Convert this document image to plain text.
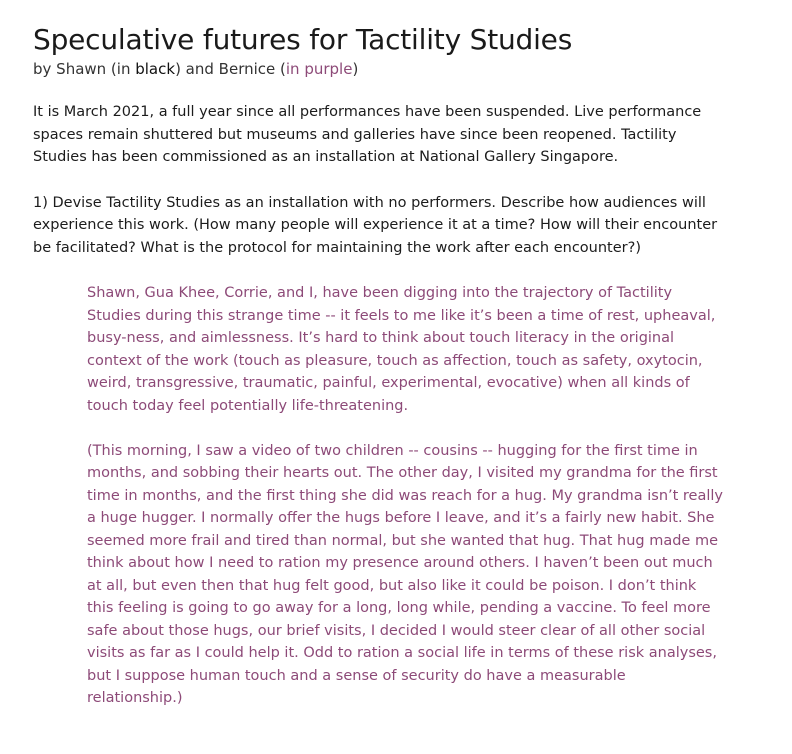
Speculative futures for Tactility Studies

by Shawn (in black) and Bernice (in purple)

It is March 2021, a full year since all performances have been suspended. Live performance spaces remain shuttered but museums and galleries have since been reopened. Tactility Studies has been commissioned as an installation at National Gallery Singapore.

1) Devise Tactility Studies as an installation with no performers. Describe how audiences will experience this work. (How many people will experience it at a time? How will their encounter be facilitated? What is the protocol for maintaining the work after each encounter?)

Shawn, Gua Khee, Corrie, and I, have been digging into the trajectory of Tactility Studies during this strange time -- it feels to me like it’s been a time of rest, upheaval, busy-ness, and aimlessness. It’s hard to think about touch literacy in the original context of the work (touch as pleasure, touch as affection, touch as safety, oxytocin, weird, transgressive, traumatic, painful, experimental, evocative) when all kinds of touch today feel potentially life-threatening.

(This morning, I saw a video of two children -- cousins -- hugging for the first time in months, and sobbing their hearts out. The other day, I visited my grandma for the first time in months, and the first thing she did was reach for a hug. My grandma isn’t really a huge hugger. I normally offer the hugs before I leave, and it’s a fairly new habit. She seemed more frail and tired than normal, but she wanted that hug. That hug made me think about how I need to ration my presence around others. I haven’t been out much at all, but even then that hug felt good, but also like it could be poison. I don’t think this feeling is going to go away for a long, long while, pending a vaccine. To feel more safe about those hugs, our brief visits, I decided I would steer clear of all other social visits as far as I could help it. Odd to ration a social life in terms of these risk analyses, but I suppose human touch and a sense of security do have a measurable relationship.)
